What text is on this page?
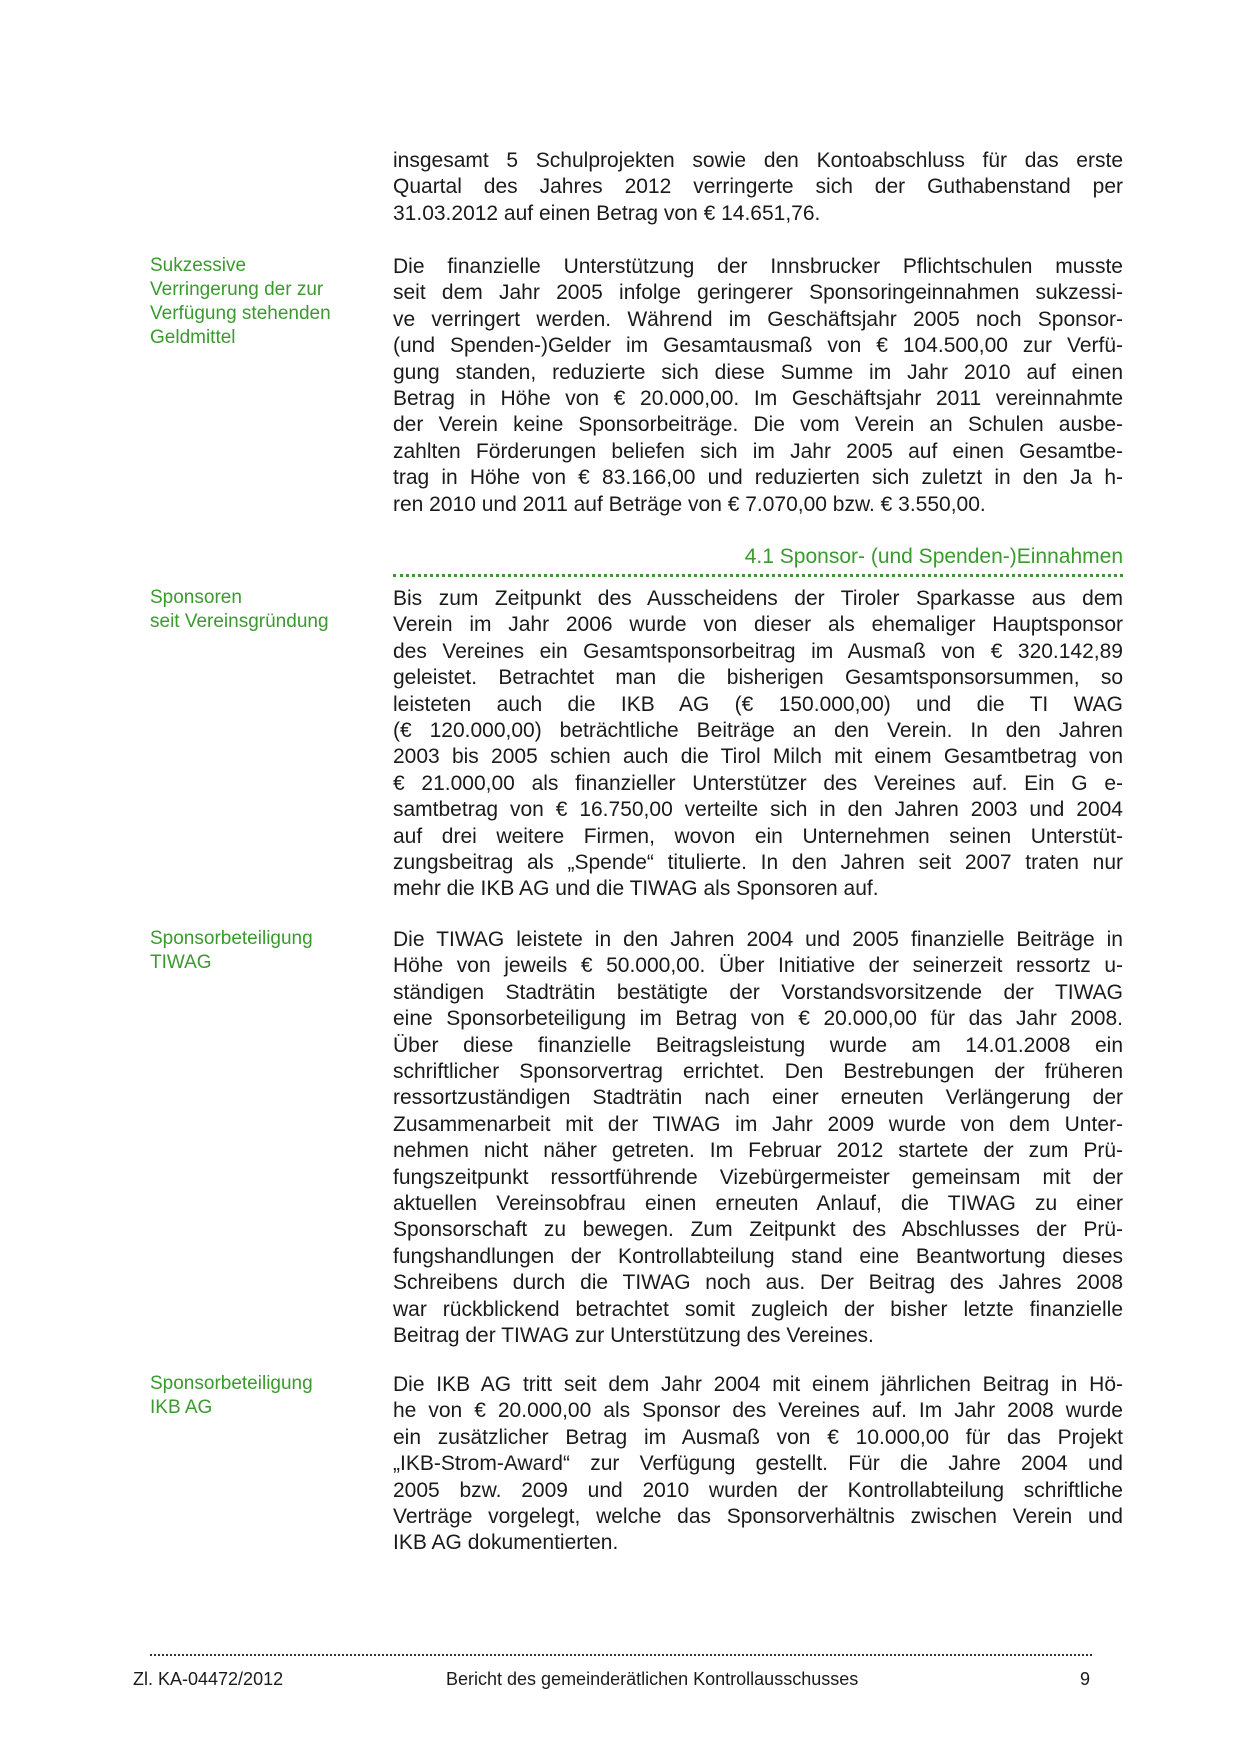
insgesamt 5 Schulprojekten sowie den Kontoabschluss für das erste
Quartal des Jahres 2012 verringerte sich der Guthabenstand per
31.03.2012 auf einen Betrag von € 14.651,76.
Sukzessive
Verringerung der zur
Verfügung stehenden
Geldmittel
Die finanzielle Unterstützung der Innsbrucker Pflichtschulen musste
seit dem Jahr 2005 infolge geringerer Sponsoringeinnahmen sukzessi-
ve verringert werden. Während im Geschäftsjahr 2005 noch Sponsor-
(und Spenden-)Gelder im Gesamtausmaß von € 104.500,00 zur Verfü-
gung standen, reduzierte sich diese Summe im Jahr 2010 auf einen
Betrag in Höhe von € 20.000,00. Im Geschäftsjahr 2011 vereinnahmte
der Verein keine Sponsorbeiträge. Die vom Verein an Schulen ausbe-
zahlten Förderungen beliefen sich im Jahr 2005 auf einen Gesamtbe-
trag in Höhe von € 83.166,00 und reduzierten sich zuletzt in den Ja h-
ren 2010 und 2011 auf Beträge von € 7.070,00 bzw. € 3.550,00.
4.1 Sponsor- (und Spenden-)Einnahmen
Sponsoren
seit Vereinsgründung
Bis zum Zeitpunkt des Ausscheidens der Tiroler Sparkasse aus dem
Verein im Jahr 2006 wurde von dieser als ehemaliger Hauptsponsor
des Vereines ein Gesamtsponsorbeitrag im Ausmaß von € 320.142,89
geleistet. Betrachtet man die bisherigen Gesamtsponsorsummen, so
leisteten auch die IKB AG (€ 150.000,00) und die TI WAG
(€ 120.000,00) beträchtliche Beiträge an den Verein. In den Jahren
2003 bis 2005 schien auch die Tirol Milch mit einem Gesamtbetrag von
€ 21.000,00 als finanzieller Unterstützer des Vereines auf. Ein G e-
samtbetrag von € 16.750,00 verteilte sich in den Jahren 2003 und 2004
auf drei weitere Firmen, wovon ein Unternehmen seinen Unterstüt-
zungsbeitrag als „Spende“ titulierte. In den Jahren seit 2007 traten nur
mehr die IKB AG und die TIWAG als Sponsoren auf.
Sponsorbeteiligung
TIWAG
Die TIWAG leistete in den Jahren 2004 und 2005 finanzielle Beiträge in
Höhe von jeweils € 50.000,00. Über Initiative der seinerzeit ressortz u-
ständigen Stadträtin bestätigte der Vorstandsvorsitzende der TIWAG
eine Sponsorbeteiligung im Betrag von € 20.000,00 für das Jahr 2008.
Über diese finanzielle Beitragsleistung wurde am 14.01.2008 ein
schriftlicher Sponsorvertrag errichtet. Den Bestrebungen der früheren
ressortzuständigen Stadträtin nach einer erneuten Verlängerung der
Zusammenarbeit mit der TIWAG im Jahr 2009 wurde von dem Unter-
nehmen nicht näher getreten. Im Februar 2012 startete der zum Prü-
fungszeitpunkt ressortführende Vizebürgermeister gemeinsam mit der
aktuellen Vereinsobfrau einen erneuten Anlauf, die TIWAG zu einer
Sponsorschaft zu bewegen. Zum Zeitpunkt des Abschlusses der Prü-
fungshandlungen der Kontrollabteilung stand eine Beantwortung dieses
Schreibens durch die TIWAG noch aus. Der Beitrag des Jahres 2008
war rückblickend betrachtet somit zugleich der bisher letzte finanzielle
Beitrag der TIWAG zur Unterstützung des Vereines.
Sponsorbeteiligung
IKB AG
Die IKB AG tritt seit dem Jahr 2004 mit einem jährlichen Beitrag in Hö-
he von € 20.000,00 als Sponsor des Vereines auf. Im Jahr 2008 wurde
ein zusätzlicher Betrag im Ausmaß von € 10.000,00 für das Projekt
„IKB-Strom-Award“ zur Verfügung gestellt. Für die Jahre 2004 und
2005 bzw. 2009 und 2010 wurden der Kontrollabteilung schriftliche
Verträge vorgelegt, welche das Sponsorverhältnis zwischen Verein und
IKB AG dokumentierten.
Zl. KA-04472/2012	Bericht des gemeinderätlichen Kontrollausschusses	9
